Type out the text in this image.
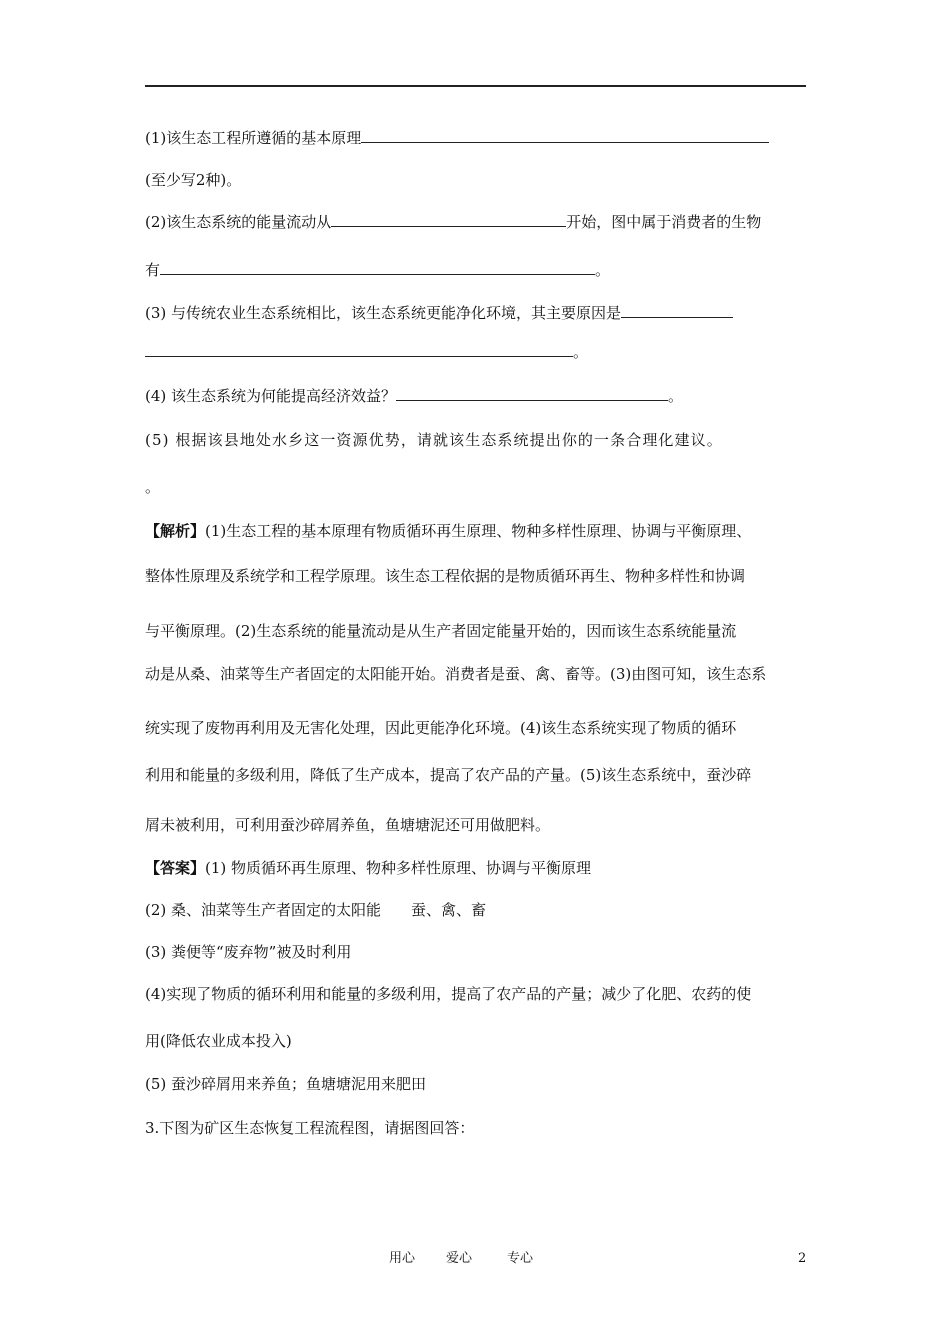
(1)该生态工程所遵循的基本原理
(至少写2种)。
(2)该生态系统的能量流动从	开始，图中属于消费者的生物
有	。
(3) 与传统农业生态系统相比，该生态系统更能净化环境，其主要原因是
。
(4) 该生态系统为何能提高经济效益？	。
(5) 根据该县地处水乡这一资源优势，请就该生态系统提出你的一条合理化建议。
。
【解析】(1)生态工程的基本原理有物质循环再生原理、物种多样性原理、协调与平衡原理、
整体性原理及系统学和工程学原理。该生态工程依据的是物质循环再生、物种多样性和协调
与平衡原理。(2)生态系统的能量流动是从生产者固定能量开始的，因而该生态系统能量流
动是从桑、油菜等生产者固定的太阳能开始。消费者是蚕、禽、畜等。(3)由图可知，该生态系
统实现了废物再利用及无害化处理，因此更能净化环境。(4)该生态系统实现了物质的循环
利用和能量的多级利用，降低了生产成本，提高了农产品的产量。(5)该生态系统中，蚕沙碎
屑未被利用，可利用蚕沙碎屑养鱼，鱼塘塘泥还可用做肥料。
【答案】(1) 物质循环再生原理、物种多样性原理、协调与平衡原理
(2) 桑、油菜等生产者固定的太阳能 蚕、禽、畜
(3) 粪便等“废弃物”被及时利用
(4)实现了物质的循环利用和能量的多级利用，提高了农产品的产量；减少了化肥、农药的使
用(降低农业成本投入)
(5) 蚕沙碎屑用来养鱼；鱼塘塘泥用来肥田
3.下图为矿区生态恢复工程流程图，请据图回答：
用心 爱心	专心	2
